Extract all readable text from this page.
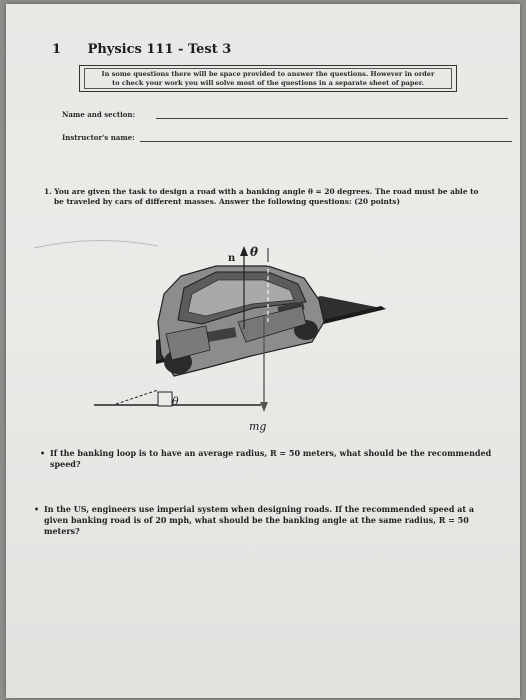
1 Physics 111 - Test 3
In some questions there will be space provided to answer the questions. However in order
to check your work you will solve most of the questions in a separate sheet of paper.
Name and section:
Instructor's name:
1. You are given the task to design a road with a banking angle θ = 20 degrees. The road must be able to
be traveled by cars of different masses. Answer the following questions: (20 points)
θ
n θ
mg
• If the banking loop is to have an average radius, R = 50 meters, what should be the recommended
speed?
• In the US, engineers use imperial system when designing roads. If the recommended speed at a
given banking road is of 20 mph, what should be the banking angle at the same radius, R = 50
meters?
